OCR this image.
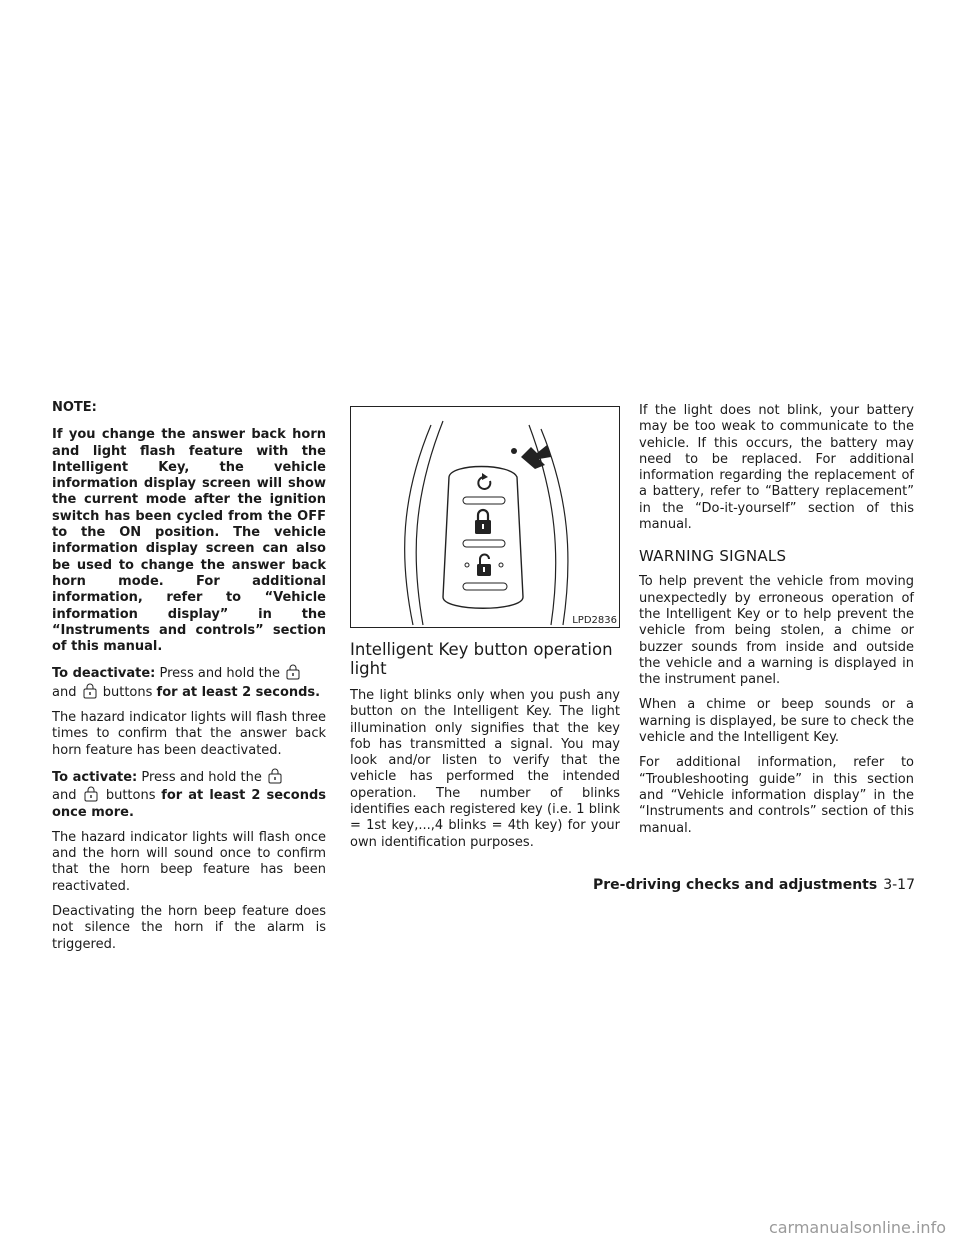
NOTE:

If you change the answer back horn and light flash feature with the Intelligent Key, the vehicle information display screen will show the current mode after the ignition switch has been cycled from the OFF to the ON position. The vehicle information display screen can also be used to change the answer back horn mode. For additional information, refer to “Vehicle information display” in the “Instruments and controls” section of this manual.

To deactivate: Press and hold the

and buttons for at least 2 seconds.

The hazard indicator lights will flash three times to confirm that the answer back horn feature has been deactivated.

To activate: Press and hold the

and buttons for at least 2 seconds once more.

The hazard indicator lights will flash once and the horn will sound once to confirm that the horn beep feature has been reactivated.

Deactivating the horn beep feature does not silence the horn if the alarm is triggered.

LPD2836
Intelligent Key button operation light

The light blinks only when you push any button on the Intelligent Key. The light illumination only signifies that the key fob has transmitted a signal. You may look and/or listen to verify that the vehicle has performed the intended operation. The number of blinks identifies each registered key (i.e. 1 blink = 1st key,...,4 blinks = 4th key) for your own identification purposes.

If the light does not blink, your battery may be too weak to communicate to the vehicle. If this occurs, the battery may need to be replaced. For additional information regarding the replacement of a battery, refer to “Battery replacement” in the “Do-it-yourself” section of this manual.

WARNING SIGNALS

To help prevent the vehicle from moving unexpectedly by erroneous operation of the Intelligent Key or to help prevent the vehicle from being stolen, a chime or buzzer sounds from inside and outside the vehicle and a warning is displayed in the instrument panel.

When a chime or beep sounds or a warning is displayed, be sure to check the vehicle and the Intelligent Key.

For additional information, refer to “Troubleshooting guide” in this section and “Vehicle information display” in the “Instruments and controls” section of this manual.

Pre-driving checks and adjustments 3-17
carmanualsonline.info
